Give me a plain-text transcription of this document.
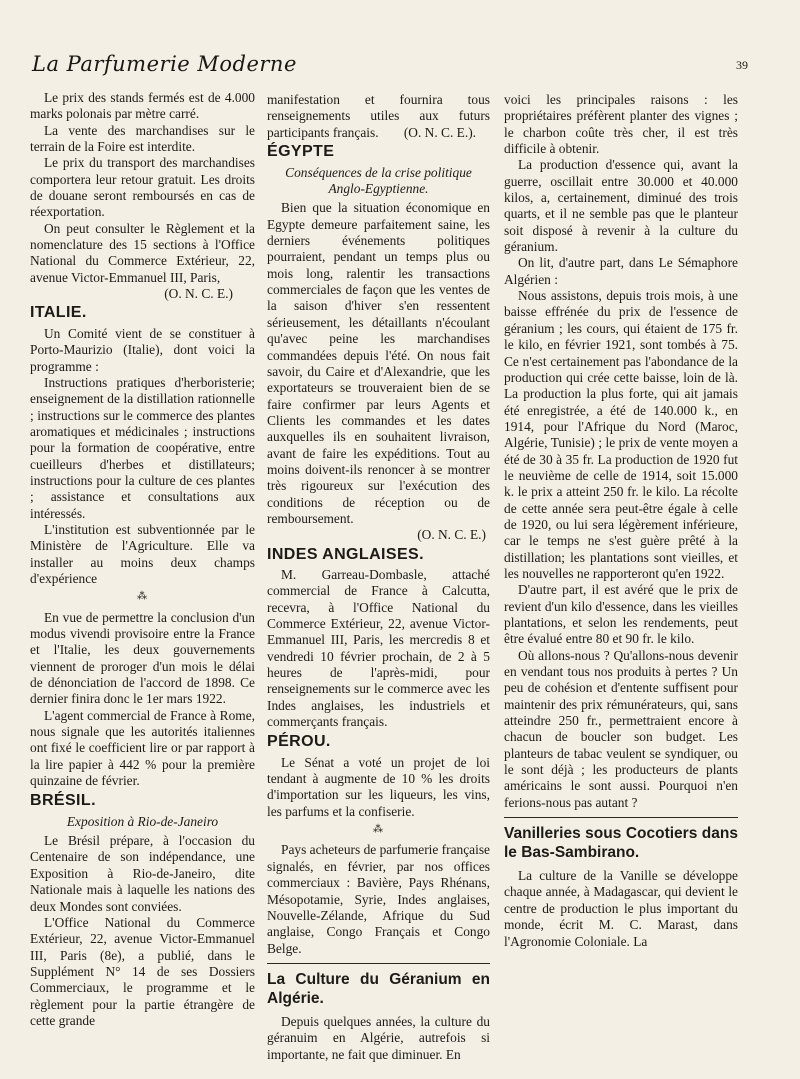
La Parfumerie Moderne	39

Le prix des stands fermés est de 4.000 marks polonais par mètre carré.

La vente des marchandises sur le terrain de la Foire est interdite.

Le prix du transport des marchandises comportera leur retour gratuit. Les droits de douane seront remboursés en cas de réexportation.

On peut consulter le Règlement et la nomenclature des 15 sections à l'Office National du Commerce Extérieur, 22, avenue Victor-Emmanuel III, Paris,

(O. N. C. E.)

ITALIE.

Un Comité vient de se constituer à Porto-Maurizio (Italie), dont voici la programme :

Instructions pratiques d'herboristerie; enseignement de la distillation rationnelle ; instructions sur le commerce des plantes aromatiques et médicinales ; instructions pour la formation de coopérative, entre cueilleurs d'herbes et distillateurs; instructions pour la culture de ces plantes ; assistance et consultations aux intéressés.

L'institution est subventionnée par le Ministère de l'Agriculture. Elle va installer au moins deux champs d'expérience

⁂

En vue de permettre la conclusion d'un modus vivendi provisoire entre la France et l'Italie, les deux gouvernements viennent de proroger d'un mois le délai de dénonciation de l'accord de 1898. Ce dernier finira donc le 1er mars 1922.

L'agent commercial de France à Rome, nous signale que les autorités italiennes ont fixé le coefficient lire or par rapport à la lire papier à 442 % pour la première quinzaine de février.

BRÉSIL.
Exposition à Rio-de-Janeiro

Le Brésil prépare, à l'occasion du Centenaire de son indépendance, une Exposition à Rio-de-Janeiro, dite Nationale mais à laquelle les nations des deux Mondes sont conviées.

L'Office National du Commerce Extérieur, 22, avenue Victor-Emmanuel III, Paris (8e), a publié, dans le Supplément N° 14 de ses Dossiers Commerciaux, le programme et le règlement pour la partie étrangère de cette grande

manifestation et fournira tous renseignements utiles aux futurs participants français.	(O. N. C. E.).

ÉGYPTE
Conséquences de la crise politique Anglo-Egyptienne.

Bien que la situation économique en Egypte demeure parfaitement saine, les derniers événements politiques pourraient, pendant un temps plus ou mois long, ralentir les transactions commerciales de façon que les ventes de la saison d'hiver s'en ressentent sérieusement, les détaillants n'écoulant qu'avec peine les marchandises commandées depuis l'été. On nous fait savoir, du Caire et d'Alexandrie, que les exportateurs se trouveraient bien de se faire confirmer par leurs Agents et Clients les commandes et les dates auxquelles ils en souhaitent livraison, avant de faire les expéditions. Tout au moins doivent-ils renoncer à se montrer très rigoureux sur l'exécution des conditions de réception ou de remboursement.

(O. N. C. E.)

INDES ANGLAISES.

M. Garreau-Dombasle, attaché commercial de France à Calcutta, recevra, à l'Office National du Commerce Extérieur, 22, avenue Victor-Emmanuel III, Paris, les mercredis 8 et vendredi 10 février prochain, de 2 à 5 heures de l'après-midi, pour renseignements sur le commerce avec les Indes anglaises, les industriels et commerçants français.

PÉROU.

Le Sénat a voté un projet de loi tendant à augmente de 10 % les droits d'importation sur les liqueurs, les vins, les parfums et la confiserie.

⁂

Pays acheteurs de parfumerie française signalés, en février, par nos offices commerciaux : Bavière, Pays Rhénans, Mésopotamie, Syrie, Indes anglaises, Nouvelle-Zélande, Afrique du Sud anglaise, Congo Français et Congo Belge.

La Culture du Géranium en Algérie.

Depuis quelques années, la culture du géranuim en Algérie, autrefois si importante, ne fait que diminuer. En

voici les principales raisons : les propriétaires préfèrent planter des vignes ; le charbon coûte très cher, il est très difficile à obtenir.

La production d'essence qui, avant la guerre, oscillait entre 30.000 et 40.000 kilos, a, certainement, diminué des trois quarts, et il ne semble pas que le planteur soit disposé à revenir à la culture du géranium.

On lit, d'autre part, dans Le Sémaphore Algérien :

Nous assistons, depuis trois mois, à une baisse effrénée du prix de l'essence de géranium ; les cours, qui étaient de 175 fr. le kilo, en février 1921, sont tombés à 75. Ce n'est certainement pas l'abondance de la production qui crée cette baisse, loin de là. La production la plus forte, qui ait jamais été enregistrée, a été de 140.000 k., en 1914, pour l'Afrique du Nord (Maroc, Algérie, Tunisie) ; le prix de vente moyen a été de 30 à 35 fr. La production de 1920 fut le neuvième de celle de 1914, soit 15.000 k. le prix a atteint 250 fr. le kilo. La récolte de cette année sera peut-être égale à celle de 1920, ou lui sera légèrement inférieure, car le temps ne s'est guère prêté à la distillation; les plantations sont vieilles, et les nouvelles ne rapporteront qu'en 1922.

D'autre part, il est avéré que le prix de revient d'un kilo d'essence, dans les vieilles plantations, et selon les rendements, peut être évalué entre 80 et 90 fr. le kilo.

Où allons-nous ? Qu'allons-nous devenir en vendant tous nos produits à pertes ? Un peu de cohésion et d'entente suffisent pour maintenir des prix rémunérateurs, qui, sans atteindre 250 fr., permettraient encore à chacun de boucler son budget. Les planteurs de tabac veulent se syndiquer, ou le sont déjà ; les producteurs de plants américains le sont aussi. Pourquoi n'en ferions-nous pas autant ?

Vanilleries sous Cocotiers dans le Bas-Sambirano.

La culture de la Vanille se développe chaque année, à Madagascar, qui devient le centre de production le plus important du monde, écrit M. C. Marast, dans l'Agronomie Coloniale. La
